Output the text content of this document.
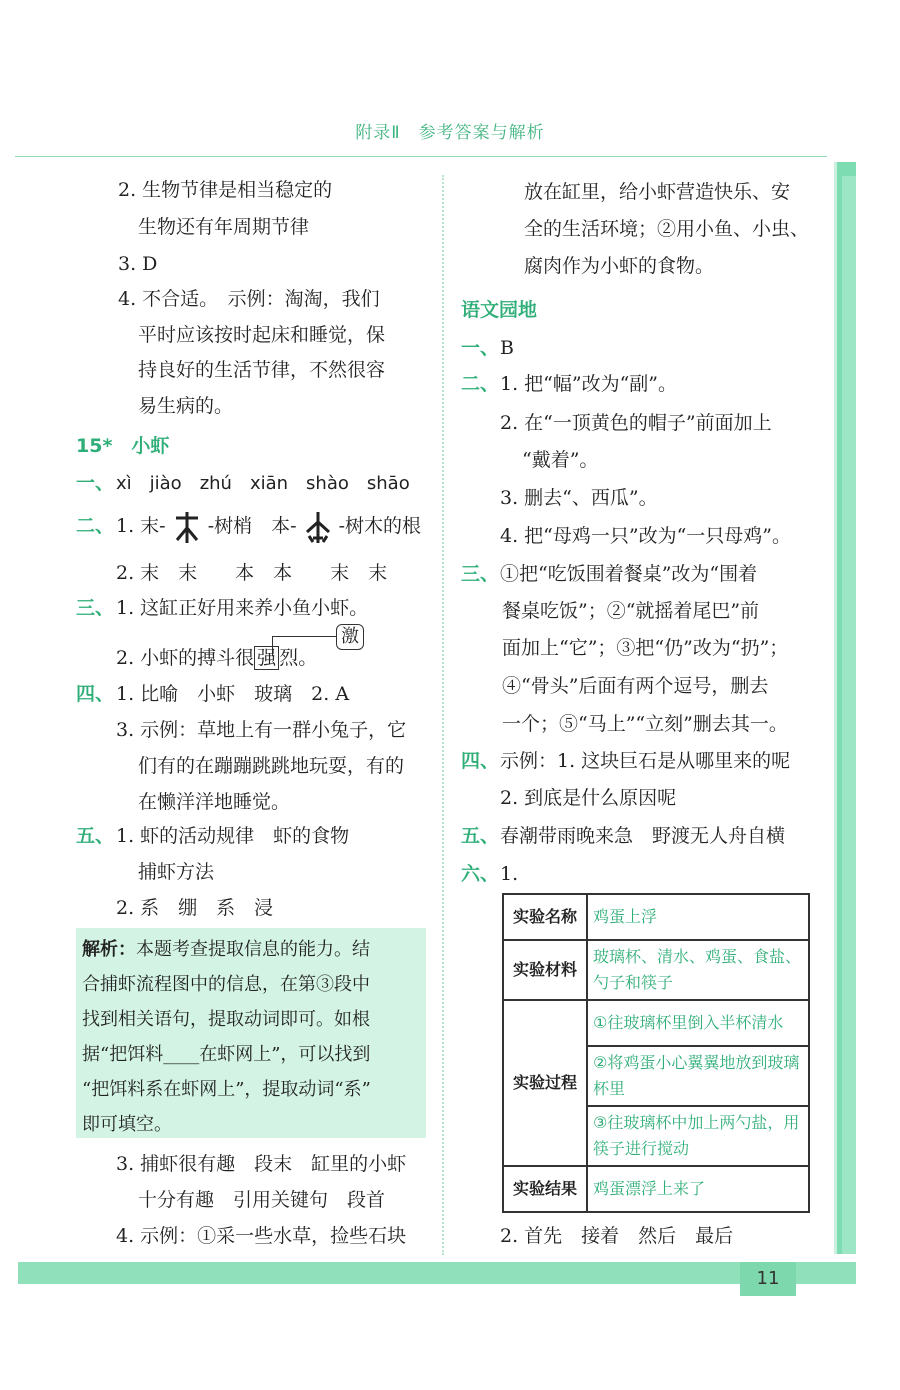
附录Ⅱ　参考答案与解析
11
2. 生物节律是相当稳定的
生物还有年周期节律
3. D
4. 不合适。　示例：淘淘，我们
平时应该按时起床和睡觉，保
持良好的生活节律，不然很容
易生病的。
15*　小虾
一、 xì　jiào　zhú　xiān　shào　shāo
二、 1. 末- -树梢　本- -树木的根
2. 末　末　　本　本　　末　末
三、 1. 这缸正好用来养小鱼小虾。
激
2. 小虾的搏斗很 强 烈。
四、 1. 比喻　小虾　玻璃　2. A
3. 示例：草地上有一群小兔子，它
们有的在蹦蹦跳跳地玩耍，有的
在懒洋洋地睡觉。
五、 1. 虾的活动规律　虾的食物
捕虾方法
2. 系　绷　系　浸
解析：本题考查提取信息的能力。结
合捕虾流程图中的信息，在第③段中
找到相关语句，提取动词即可。如根
据“把饵料____在虾网上”，可以找到
“把饵料系在虾网上”，提取动词“系”
即可填空。
3. 捕虾很有趣　段末　缸里的小虾
十分有趣　引用关键句　段首
4. 示例：①采一些水草，捡些石块
放在缸里，给小虾营造快乐、安
全的生活环境；②用小鱼、小虫、
腐肉作为小虾的食物。
语文园地
一、 B
二、 1. 把“幅”改为“副”。
2. 在“一顶黄色的帽子”前面加上
“戴着”。
3. 删去“、西瓜”。
4. 把“母鸡一只”改为“一只母鸡”。
三、 ①把“吃饭围着餐桌”改为“围着
餐桌吃饭”；②“就摇着尾巴”前
面加上“它”；③把“仍”改为“扔”；
④“骨头”后面有两个逗号，删去
一个；⑤“马上”“立刻”删去其一。
四、 示例：1. 这块巨石是从哪里来的呢
2. 到底是什么原因呢
五、 春潮带雨晚来急　野渡无人舟自横
六、 1.
实验名称	鸡蛋上浮
实验材料	玻璃杯、清水、鸡蛋、食盐、勺子和筷子
实验过程	①往玻璃杯里倒入半杯清水
	②将鸡蛋小心翼翼地放到玻璃杯里
	③往玻璃杯中加上两勺盐，用筷子进行搅动
实验结果	鸡蛋漂浮上来了
2. 首先　接着　然后　最后
